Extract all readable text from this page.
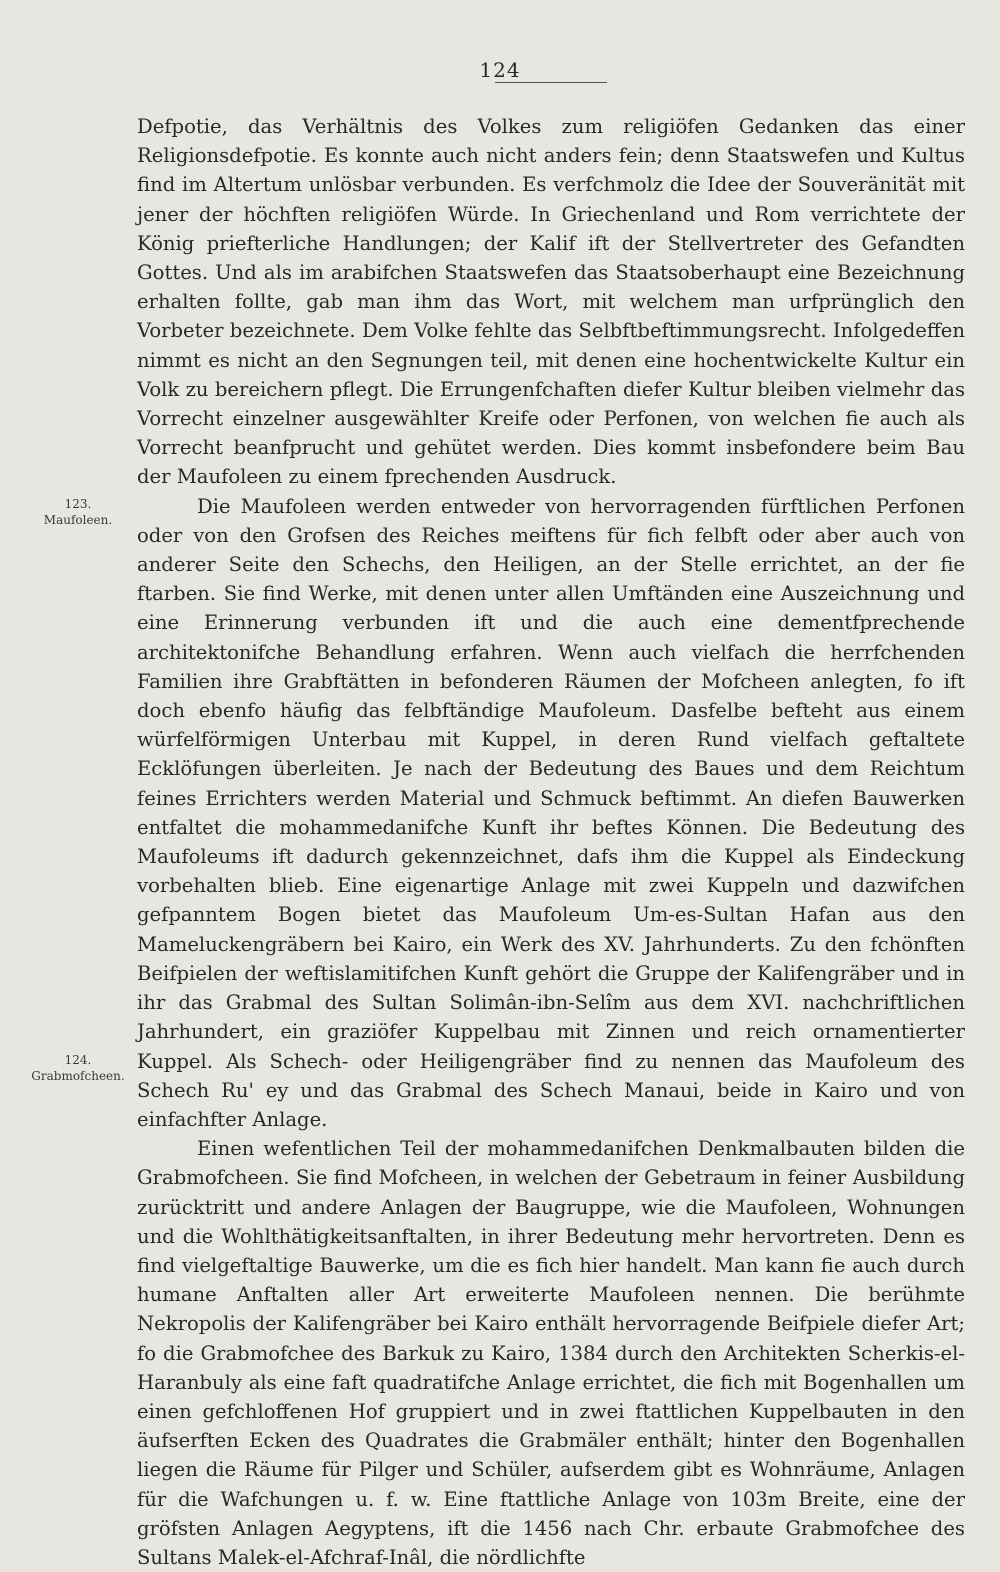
124
123.
Maufoleen.
124.
Grabmofcheen.

Defpotie, das Verhältnis des Volkes zum religiöfen Gedanken das einer Religionsdefpotie. Es konnte auch nicht anders fein; denn Staatswefen und Kultus find im Altertum unlösbar verbunden. Es verfchmolz die Idee der Souveränität mit jener der höchften religiöfen Würde. In Griechenland und Rom verrichtete der König priefterliche Handlungen; der Kalif ift der Stellvertreter des Gefandten Gottes. Und als im arabifchen Staatswefen das Staatsoberhaupt eine Bezeichnung erhalten follte, gab man ihm das Wort, mit welchem man urfprünglich den Vorbeter bezeichnete. Dem Volke fehlte das Selbftbeftimmungsrecht. Infolgedeffen nimmt es nicht an den Segnungen teil, mit denen eine hochentwickelte Kultur ein Volk zu bereichern pflegt. Die Errungenfchaften diefer Kultur bleiben vielmehr das Vorrecht einzelner ausgewählter Kreife oder Perfonen, von welchen fie auch als Vorrecht beanfprucht und gehütet werden. Dies kommt insbefondere beim Bau der Maufoleen zu einem fprechenden Ausdruck.

Die Maufoleen werden entweder von hervorragenden fürftlichen Perfonen oder von den Grofsen des Reiches meiftens für fich felbft oder aber auch von anderer Seite den Schechs, den Heiligen, an der Stelle errichtet, an der fie ftarben. Sie find Werke, mit denen unter allen Umftänden eine Auszeichnung und eine Erinnerung verbunden ift und die auch eine dementfprechende architektonifche Behandlung erfahren. Wenn auch vielfach die herrfchenden Familien ihre Grabftätten in befonderen Räumen der Mofcheen anlegten, fo ift doch ebenfo häufig das felbftändige Maufoleum. Dasfelbe befteht aus einem würfelförmigen Unterbau mit Kuppel, in deren Rund vielfach geftaltete Ecklöfungen überleiten. Je nach der Bedeutung des Baues und dem Reichtum feines Errichters werden Material und Schmuck beftimmt. An diefen Bauwerken entfaltet die mohammedanifche Kunft ihr beftes Können. Die Bedeutung des Maufoleums ift dadurch gekennzeichnet, dafs ihm die Kuppel als Eindeckung vorbehalten blieb. Eine eigenartige Anlage mit zwei Kuppeln und dazwifchen gefpanntem Bogen bietet das Maufoleum Um-es-Sultan Hafan aus den Mameluckengräbern bei Kairo, ein Werk des XV. Jahrhunderts. Zu den fchönften Beifpielen der weftislamitifchen Kunft gehört die Gruppe der Kalifengräber und in ihr das Grabmal des Sultan Solimân-ibn-Selîm aus dem XVI. nachchriftlichen Jahrhundert, ein graziöfer Kuppelbau mit Zinnen und reich ornamentierter Kuppel. Als Schech- oder Heiligengräber find zu nennen das Maufoleum des Schech Ru' ey und das Grabmal des Schech Manaui, beide in Kairo und von einfachfter Anlage.

Einen wefentlichen Teil der mohammedanifchen Denkmalbauten bilden die Grabmofcheen. Sie find Mofcheen, in welchen der Gebetraum in feiner Ausbildung zurücktritt und andere Anlagen der Baugruppe, wie die Maufoleen, Wohnungen und die Wohlthätigkeitsanftalten, in ihrer Bedeutung mehr hervortreten. Denn es find vielgeftaltige Bauwerke, um die es fich hier handelt. Man kann fie auch durch humane Anftalten aller Art erweiterte Maufoleen nennen. Die berühmte Nekropolis der Kalifengräber bei Kairo enthält hervorragende Beifpiele diefer Art; fo die Grabmofchee des Barkuk zu Kairo, 1384 durch den Architekten Scherkis-el-Haranbuly als eine faft quadratifche Anlage errichtet, die fich mit Bogenhallen um einen gefchloffenen Hof gruppiert und in zwei ftattlichen Kuppelbauten in den äufserften Ecken des Quadrates die Grabmäler enthält; hinter den Bogenhallen liegen die Räume für Pilger und Schüler, aufserdem gibt es Wohnräume, Anlagen für die Wafchungen u. f. w. Eine ftattliche Anlage von 103m Breite, eine der gröfsten Anlagen Aegyptens, ift die 1456 nach Chr. erbaute Grabmofchee des Sultans Malek-el-Afchraf-Inâl, die nördlichfte
